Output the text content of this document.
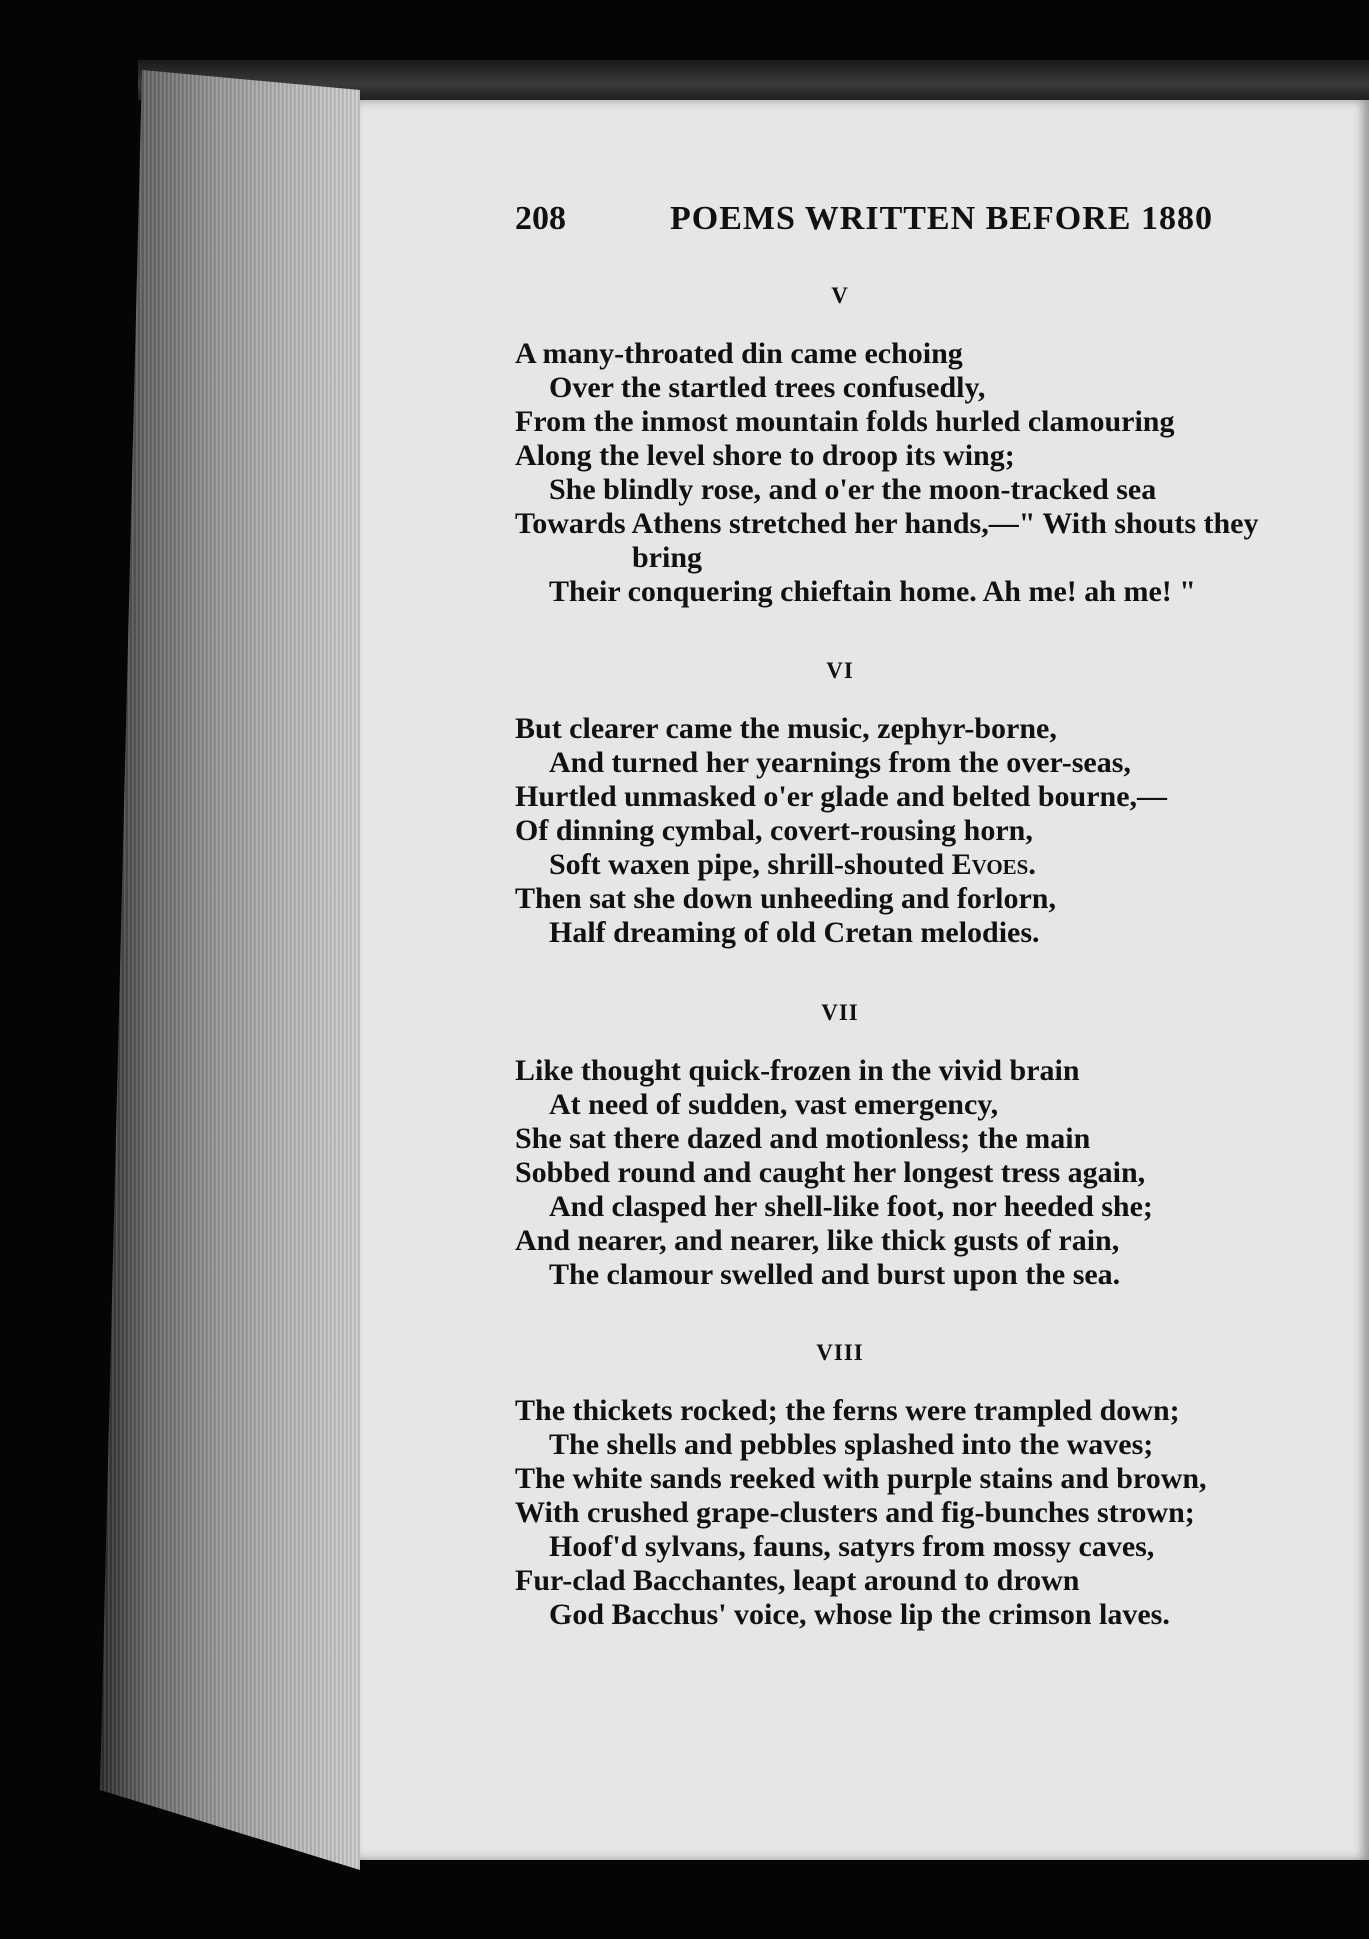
208	POEMS WRITTEN BEFORE 1880
V
A many-throated din came echoing
Over the startled trees confusedly,
From the inmost mountain folds hurled clamouring
Along the level shore to droop its wing;
She blindly rose, and o'er the moon-tracked sea
Towards Athens stretched her hands,—" With shouts they
bring
Their conquering chieftain home. Ah me! ah me! "
VI
But clearer came the music, zephyr-borne,
And turned her yearnings from the over-seas,
Hurtled unmasked o'er glade and belted bourne,—
Of dinning cymbal, covert-rousing horn,
Soft waxen pipe, shrill-shouted Evoes.
Then sat she down unheeding and forlorn,
Half dreaming of old Cretan melodies.
VII
Like thought quick-frozen in the vivid brain
At need of sudden, vast emergency,
She sat there dazed and motionless; the main
Sobbed round and caught her longest tress again,
And clasped her shell-like foot, nor heeded she;
And nearer, and nearer, like thick gusts of rain,
The clamour swelled and burst upon the sea.
VIII
The thickets rocked; the ferns were trampled down;
The shells and pebbles splashed into the waves;
The white sands reeked with purple stains and brown,
With crushed grape-clusters and fig-bunches strown;
Hoof'd sylvans, fauns, satyrs from mossy caves,
Fur-clad Bacchantes, leapt around to drown
God Bacchus' voice, whose lip the crimson laves.
